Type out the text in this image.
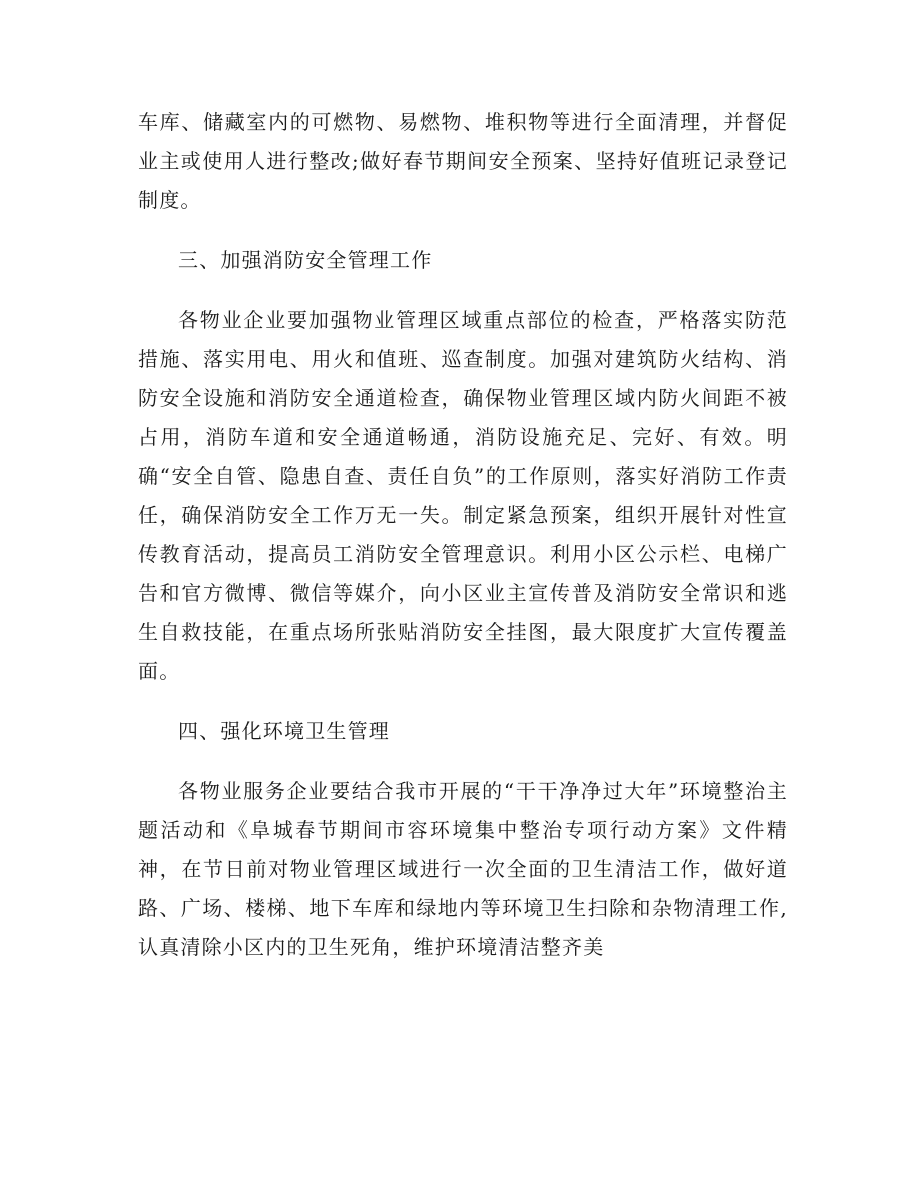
车库、储藏室内的可燃物、易燃物、堆积物等进行全面清理，并督促业主或使用人进行整改;做好春节期间安全预案、坚持好值班记录登记制度。

三、加强消防安全管理工作

各物业企业要加强物业管理区域重点部位的检查，严格落实防范措施、落实用电、用火和值班、巡查制度。加强对建筑防火结构、消防安全设施和消防安全通道检查，确保物业管理区域内防火间距不被占用，消防车道和安全通道畅通，消防设施充足、完好、有效。明确“安全自管、隐患自查、责任自负”的工作原则，落实好消防工作责任，确保消防安全工作万无一失。制定紧急预案，组织开展针对性宣传教育活动，提高员工消防安全管理意识。利用小区公示栏、电梯广告和官方微博、微信等媒介，向小区业主宣传普及消防安全常识和逃生自救技能，在重点场所张贴消防安全挂图，最大限度扩大宣传覆盖面。

四、强化环境卫生管理

各物业服务企业要结合我市开展的“干干净净过大年”环境整治主题活动和《阜城春节期间市容环境集中整治专项行动方案》文件精神，在节日前对物业管理区域进行一次全面的卫生清洁工作，做好道路、广场、楼梯、地下车库和绿地内等环境卫生扫除和杂物清理工作,认真清除小区内的卫生死角，维护环境清洁整齐美
